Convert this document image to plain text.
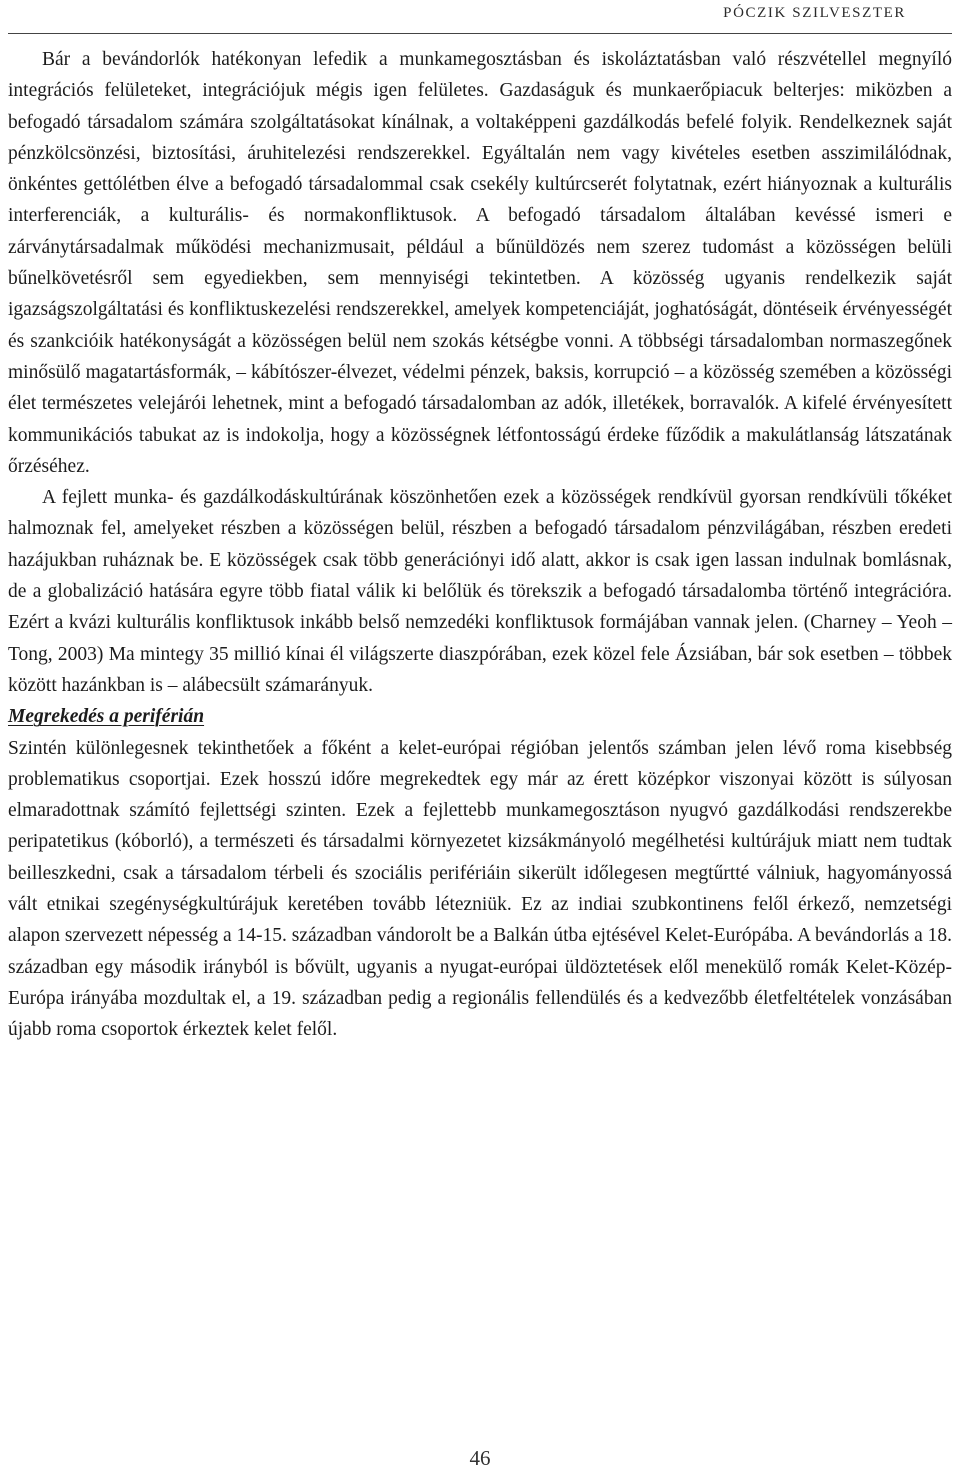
PÓCZIK SZILVESZTER

Bár a bevándorlók hatékonyan lefedik a munkamegosztásban és iskoláztatásban való részvétellel megnyíló integrációs felületeket, integrációjuk mégis igen felületes. Gazdaságuk és munkaerőpiacuk belterjes: miközben a befogadó társadalom számára szolgáltatásokat kínálnak, a voltaképpeni gazdálkodás befelé folyik. Rendelkeznek saját pénzkölcsönzési, biztosítási, áruhitelezési rendszerekkel. Egyáltalán nem vagy kivételes esetben asszimilálódnak, önkéntes gettólétben élve a befogadó társadalommal csak csekély kultúrcserét folytatnak, ezért hiányoznak a kulturális interferenciák, a kulturális- és normakonfliktusok. A befogadó társadalom általában kevéssé ismeri e zárványtársadalmak működési mechanizmusait, például a bűnüldözés nem szerez tudomást a közösségen belüli bűnelkövetésről sem egyediekben, sem mennyiségi tekintetben. A közösség ugyanis rendelkezik saját igazságszolgáltatási és konfliktuskezelési rendszerekkel, amelyek kompetenciáját, joghatóságát, döntéseik érvényességét és szankcióik hatékonyságát a közösségen belül nem szokás kétségbe vonni. A többségi társadalomban normaszegőnek minősülő magatartásformák, – kábítószer-élvezet, védelmi pénzek, baksis, korrupció – a közösség szemében a közösségi élet természetes velejárói lehetnek, mint a befogadó társadalomban az adók, illetékek, borravalók. A kifelé érvényesített kommunikációs tabukat az is indokolja, hogy a közösségnek létfontosságú érdeke fűződik a makulátlanság látszatának őrzéséhez.

A fejlett munka- és gazdálkodáskultúrának köszönhetően ezek a közösségek rendkívül gyorsan rendkívüli tőkéket halmoznak fel, amelyeket részben a közösségen belül, részben a befogadó társadalom pénzvilágában, részben eredeti hazájukban ruháznak be. E közösségek csak több generációnyi idő alatt, akkor is csak igen lassan indulnak bomlásnak, de a globalizáció hatására egyre több fiatal válik ki belőlük és törekszik a befogadó társadalomba történő integrációra. Ezért a kvázi kulturális konfliktusok inkább belső nemzedéki konfliktusok formájában vannak jelen. (Charney – Yeoh – Tong, 2003) Ma mintegy 35 millió kínai él világszerte diaszpórában, ezek közel fele Ázsiában, bár sok esetben – többek között hazánkban is – alábecsült számarányuk.

Megrekedés a periférián

Szintén különlegesnek tekinthetőek a főként a kelet-európai régióban jelentős számban jelen lévő roma kisebbség problematikus csoportjai. Ezek hosszú időre megrekedtek egy már az érett középkor viszonyai között is súlyosan elmaradottnak számító fejlettségi szinten. Ezek a fejlettebb munkamegosztáson nyugvó gazdálkodási rendszerekbe peripatetikus (kóborló), a természeti és társadalmi környezetet kizsákmányoló megélhetési kultúrájuk miatt nem tudtak beilleszkedni, csak a társadalom térbeli és szociális perifériáin sikerült időlegesen megtűrtté válniuk, hagyományossá vált etnikai szegénységkultúrájuk keretében tovább létezniük. Ez az indiai szubkontinens felől érkező, nemzetségi alapon szervezett népesség a 14-15. században vándorolt be a Balkán útba ejtésével Kelet-Európába. A bevándorlás a 18. században egy második irányból is bővült, ugyanis a nyugat-európai üldöztetések elől menekülő romák Kelet-Közép-Európa irányába mozdultak el, a 19. században pedig a regionális fellendülés és a kedvezőbb életfeltételek vonzásában újabb roma csoportok érkeztek kelet felől.

46
